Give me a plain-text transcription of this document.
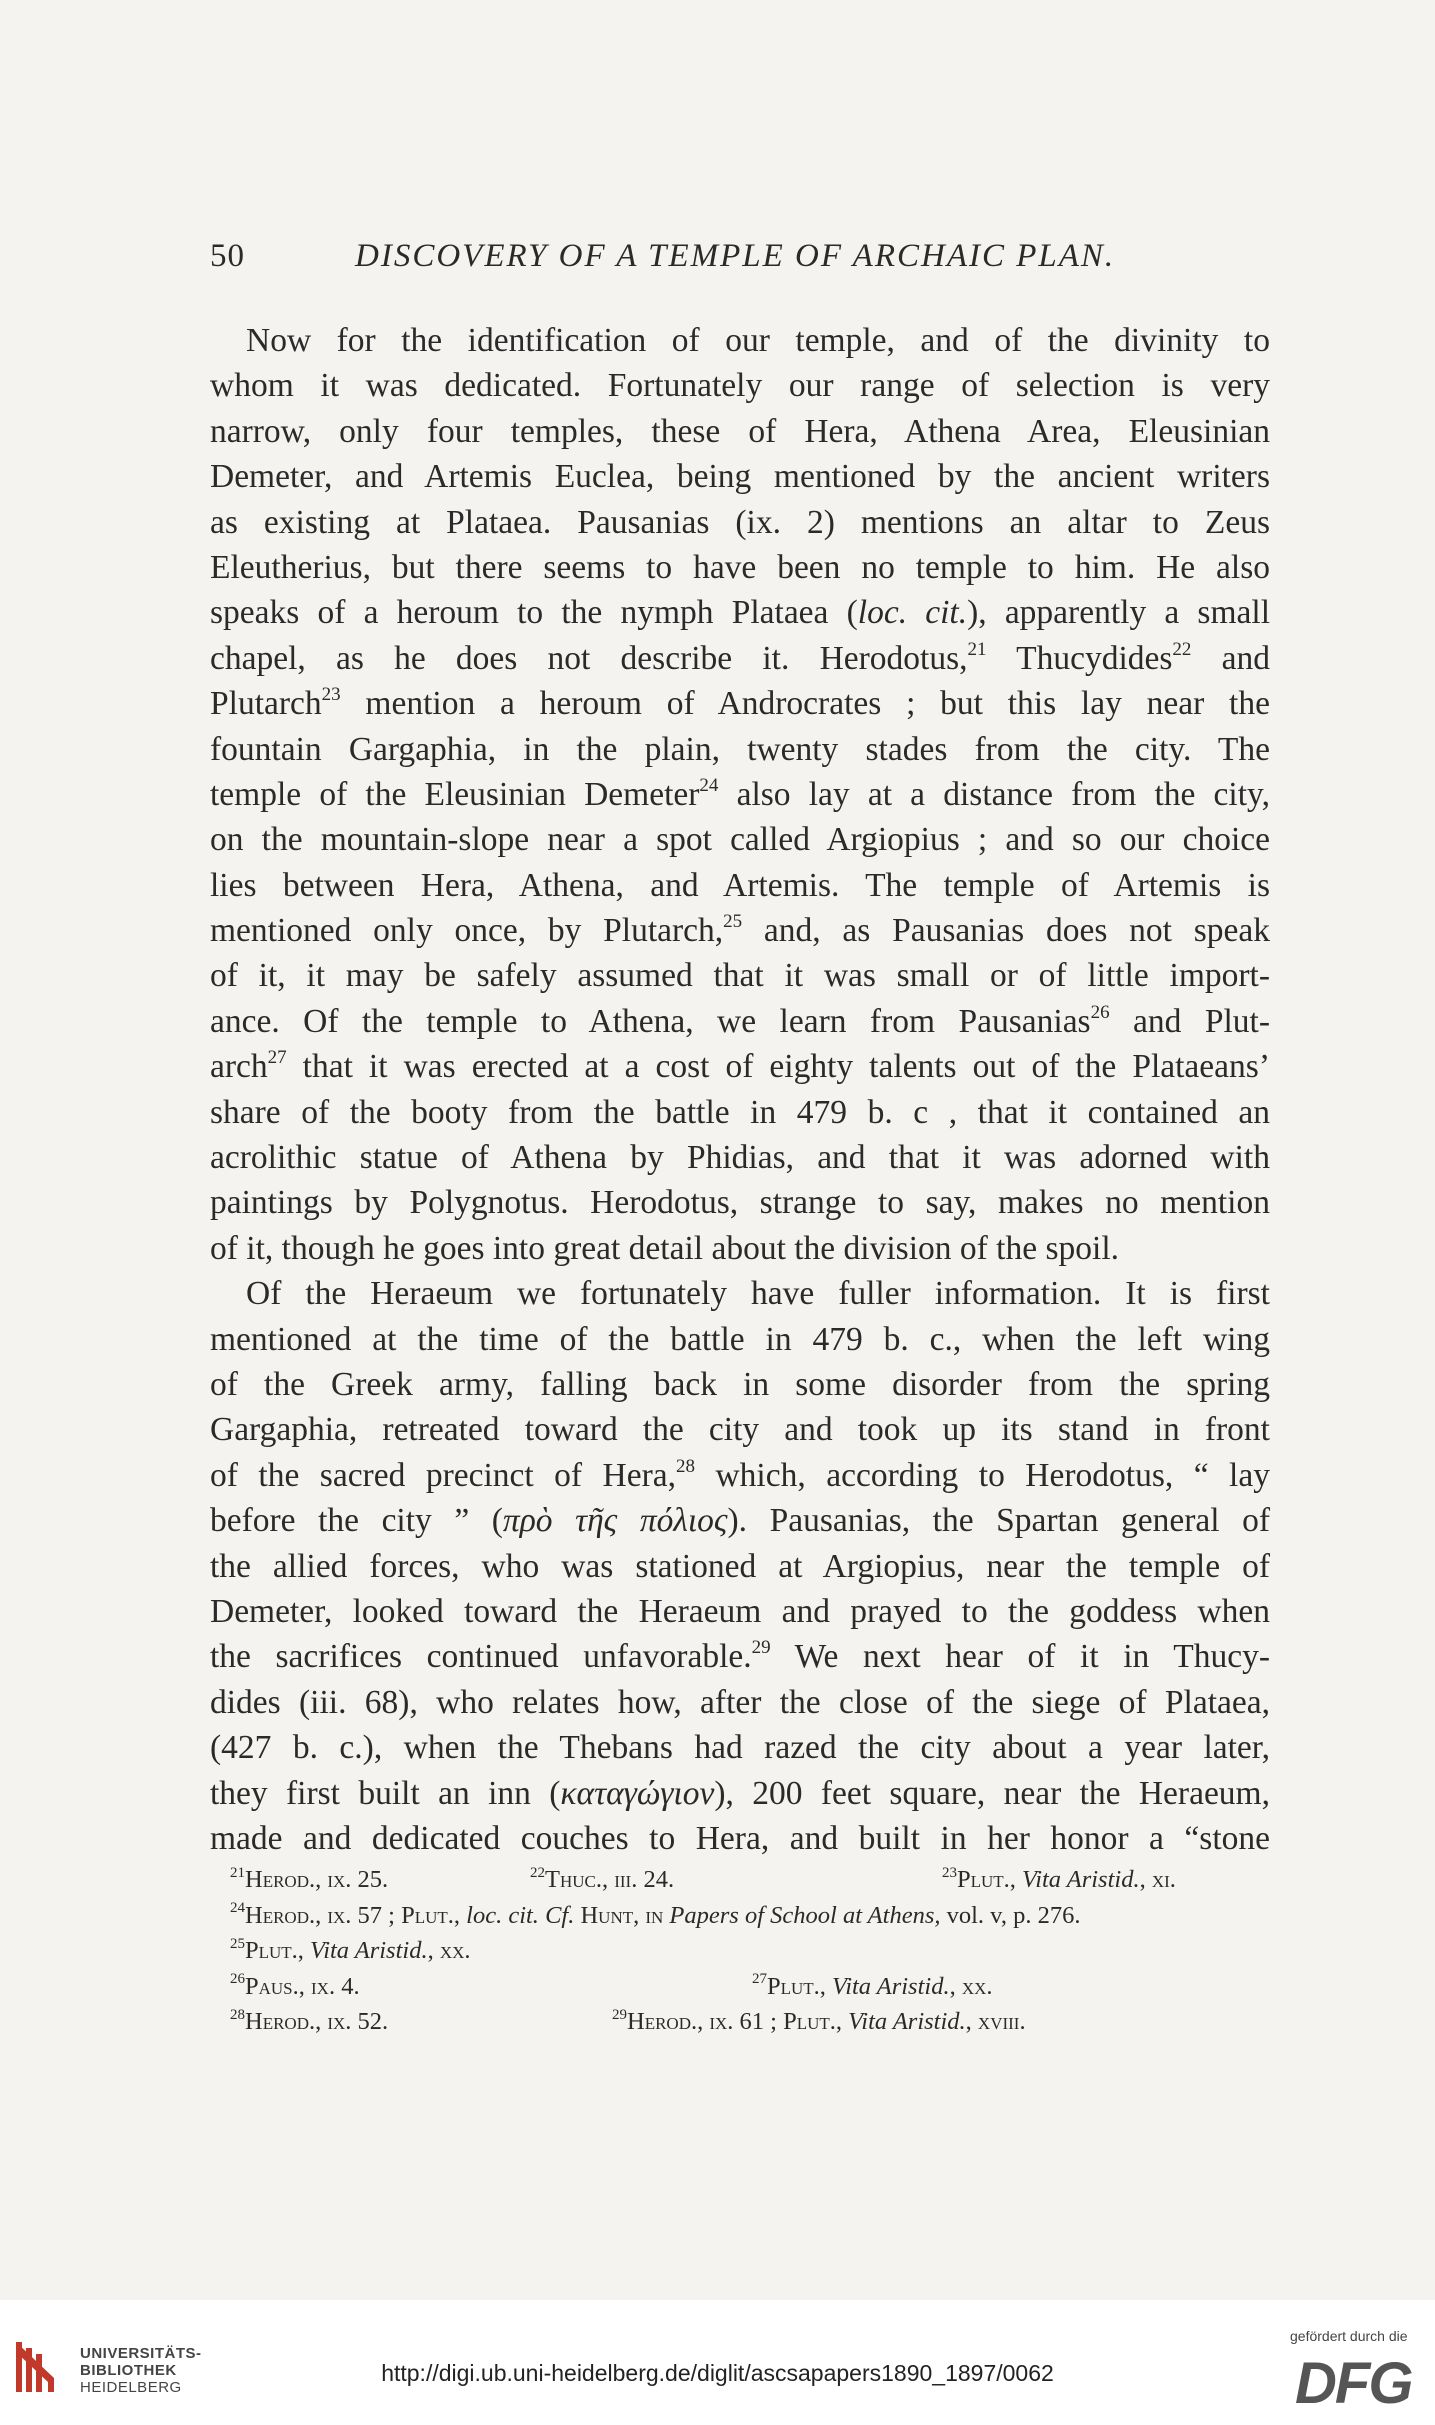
50	DISCOVERY OF A TEMPLE OF ARCHAIC PLAN.
Now for the identification of our temple, and of the divinity to
whom it was dedicated. Fortunately our range of selection is very
narrow, only four temples, these of Hera, Athena Area, Eleusinian
Demeter, and Artemis Euclea, being mentioned by the ancient writers
as existing at Plataea. Pausanias (ix. 2) mentions an altar to Zeus
Eleutherius, but there seems to have been no temple to him. He also
speaks of a heroum to the nymph Plataea (loc. cit.), apparently a small
chapel, as he does not describe it. Herodotus,$^{21}$ Thucydides$^{22}$ and
Plutarch$^{23}$ mention a heroum of Androcrates ; but this lay near the
fountain Gargaphia, in the plain, twenty stades from the city. The
temple of the Eleusinian Demeter$^{24}$ also lay at a distance from the city,
on the mountain-slope near a spot called Argiopius ; and so our choice
lies between Hera, Athena, and Artemis. The temple of Artemis is
mentioned only once, by Plutarch,$^{25}$ and, as Pausanias does not speak
of it, it may be safely assumed that it was small or of little import-
ance. Of the temple to Athena, we learn from Pausanias$^{26}$ and Plut-
arch$^{27}$ that it was erected at a cost of eighty talents out of the Plataeans’
share of the booty from the battle in 479 b. c , that it contained an
acrolithic statue of Athena by Phidias, and that it was adorned with
paintings by Polygnotus. Herodotus, strange to say, makes no mention
of it, though he goes into great detail about the division of the spoil.
Of the Heraeum we fortunately have fuller information. It is first
mentioned at the time of the battle in 479 b. c., when the left wing
of the Greek army, falling back in some disorder from the spring
Gargaphia, retreated toward the city and took up its stand in front
of the sacred precinct of Hera,$^{28}$ which, according to Herodotus, “ lay
before the city ” (πρὸ τῆς πόλιος). Pausanias, the Spartan general of
the allied forces, who was stationed at Argiopius, near the temple of
Demeter, looked toward the Heraeum and prayed to the goddess when
the sacrifices continued unfavorable.$^{29}$ We next hear of it in Thucy-
dides (iii. 68), who relates how, after the close of the siege of Plataea,
(427 b. c.), when the Thebans had razed the city about a year later,
they first built an inn (καταγώγιον), 200 feet square, near the Heraeum,
made and dedicated couches to Hera, and built in her honor a “stone
$^{21}$Herod., ix. 25.	$^{22}$Thuc., iii. 24.	$^{23}$Plut., Vita Aristid., xi.
$^{24}$Herod., ix. 57 ; Plut., loc. cit. Cf. Hunt, in Papers of School at Athens, vol. v, p. 276.
$^{25}$Plut., Vita Aristid., xx.
$^{26}$Paus., ix. 4.	$^{27}$Plut., Vita Aristid., xx.
$^{28}$Herod., ix. 52.	$^{29}$Herod., ix. 61 ; Plut., Vita Aristid., xviii.
UNIVERSITÄTS-
BIBLIOTHEK
HEIDELBERG
http://digi.ub.uni-heidelberg.de/diglit/ascsapapers1890_1897/0062
gefördert durch die
DFG
